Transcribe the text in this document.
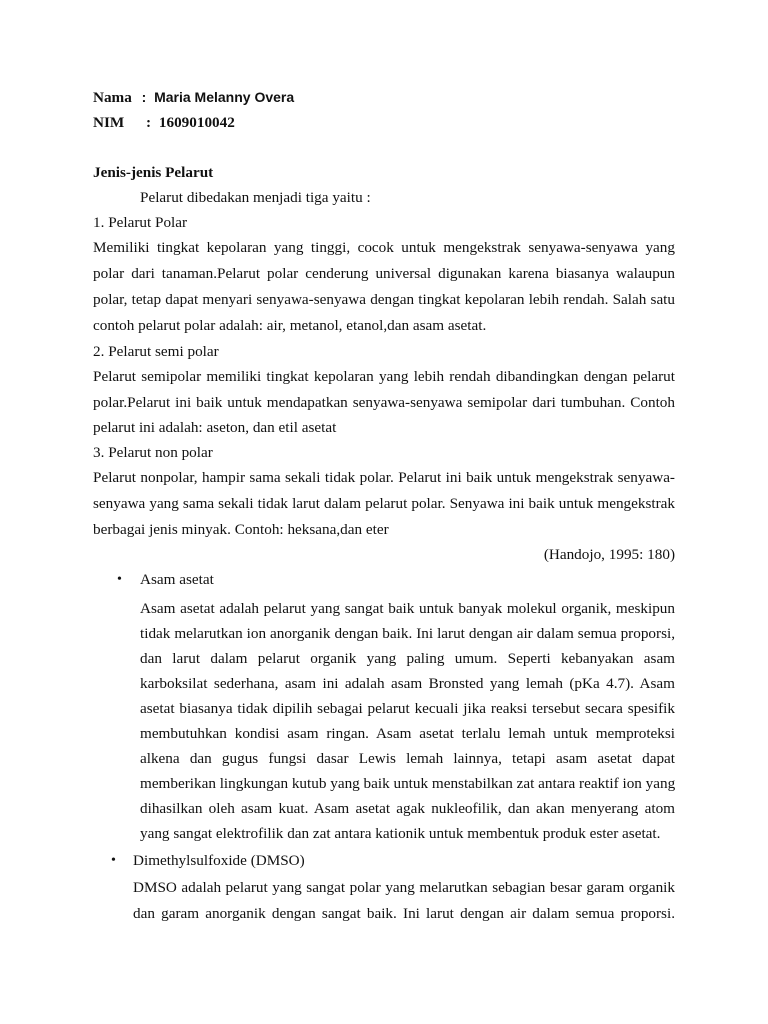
Nama : Maria Melanny Overa
NIM : 1609010042

Jenis-jenis Pelarut

Pelarut dibedakan menjadi tiga yaitu :

1. Pelarut Polar

Memiliki tingkat kepolaran yang tinggi, cocok untuk mengekstrak senyawa-senyawa yang

polar dari tanaman.Pelarut polar cenderung universal digunakan karena biasanya walaupun

polar, tetap dapat menyari senyawa-senyawa dengan tingkat kepolaran lebih rendah. Salah satu

contoh pelarut polar adalah: air, metanol, etanol,dan asam asetat.

2. Pelarut semi polar

Pelarut semipolar memiliki tingkat kepolaran yang lebih rendah dibandingkan dengan pelarut

polar.Pelarut ini baik untuk mendapatkan senyawa-senyawa semipolar dari tumbuhan. Contoh

pelarut ini adalah: aseton, dan etil asetat

3. Pelarut non polar

Pelarut nonpolar, hampir sama sekali tidak polar. Pelarut ini baik untuk mengekstrak senyawa-

senyawa yang sama sekali tidak larut dalam pelarut polar. Senyawa ini baik untuk mengekstrak

berbagai jenis minyak. Contoh: heksana,dan eter

(Handojo, 1995: 180)

• Asam asetat

Asam asetat adalah pelarut yang sangat baik untuk banyak molekul organik, meskipun

tidak melarutkan ion anorganik dengan baik. Ini larut dengan air dalam semua proporsi,

dan larut dalam pelarut organik yang paling umum. Seperti kebanyakan asam

karboksilat sederhana, asam ini adalah asam Bronsted yang lemah (pKa 4.7). Asam

asetat biasanya tidak dipilih sebagai pelarut kecuali jika reaksi tersebut secara spesifik

membutuhkan kondisi asam ringan. Asam asetat terlalu lemah untuk memproteksi

alkena dan gugus fungsi dasar Lewis lemah lainnya, tetapi asam asetat dapat

memberikan lingkungan kutub yang baik untuk menstabilkan zat antara reaktif ion yang

dihasilkan oleh asam kuat. Asam asetat agak nukleofilik, dan akan menyerang atom

yang sangat elektrofilik dan zat antara kationik untuk membentuk produk ester asetat.

• Dimethylsulfoxide (DMSO)

DMSO adalah pelarut yang sangat polar yang melarutkan sebagian besar garam organik

dan garam anorganik dengan sangat baik. Ini larut dengan air dalam semua proporsi.
